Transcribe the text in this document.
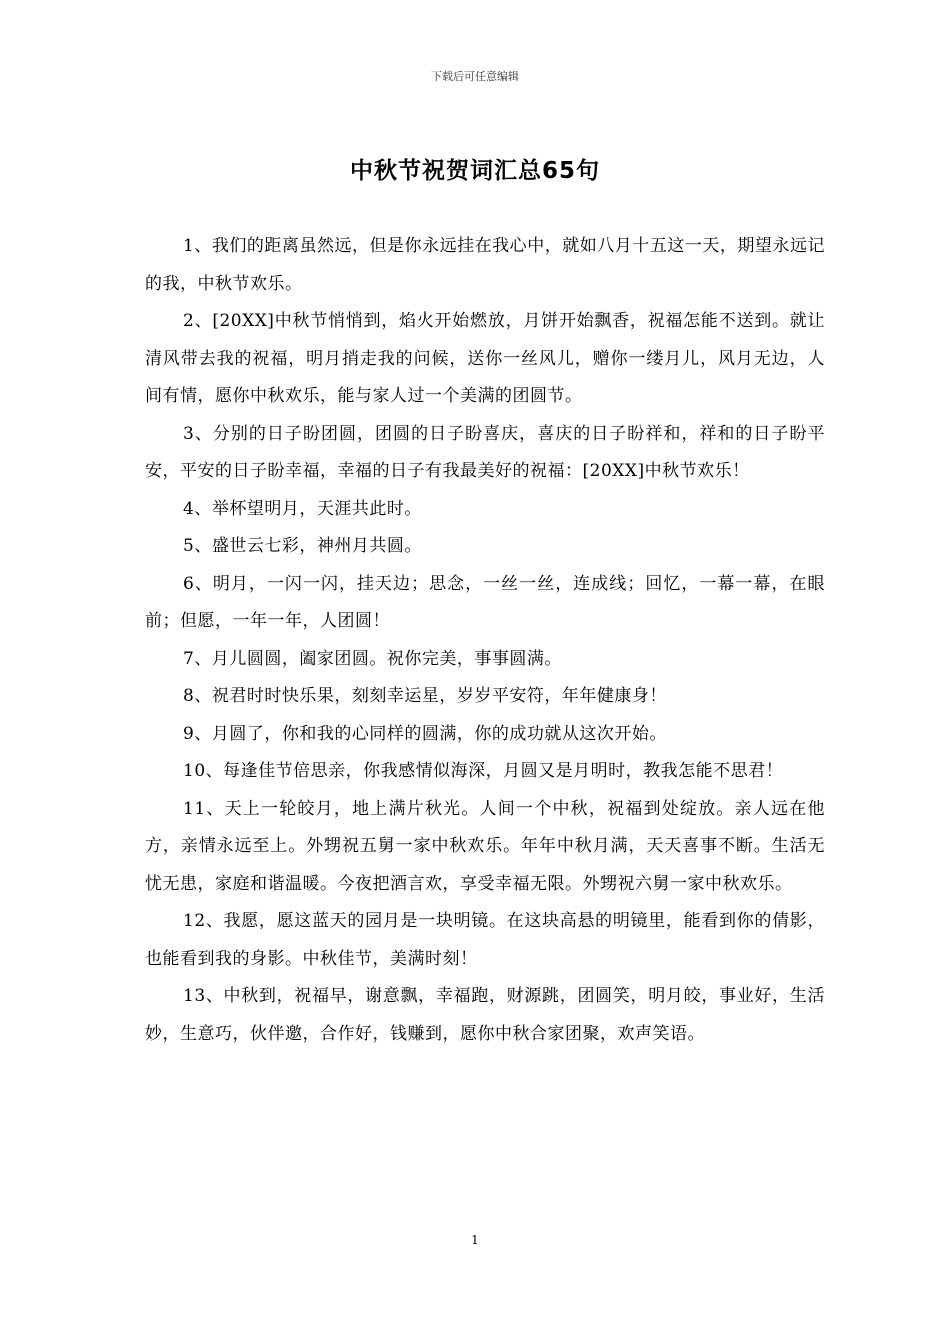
下载后可任意编辑
中秋节祝贺词汇总65句

1、我们的距离虽然远，但是你永远挂在我心中，就如八月十五这一天，期望永远记的我，中秋节欢乐。

2、[20XX]中秋节悄悄到，焰火开始燃放，月饼开始飘香，祝福怎能不送到。就让清风带去我的祝福，明月捎走我的问候，送你一丝风儿，赠你一缕月儿，风月无边，人间有情，愿你中秋欢乐，能与家人过一个美满的团圆节。

3、分别的日子盼团圆，团圆的日子盼喜庆，喜庆的日子盼祥和，祥和的日子盼平安，平安的日子盼幸福，幸福的日子有我最美好的祝福：[20XX]中秋节欢乐！

4、举杯望明月，天涯共此时。

5、盛世云七彩，神州月共圆。

6、明月，一闪一闪，挂天边；思念，一丝一丝，连成线；回忆，一幕一幕，在眼前；但愿，一年一年，人团圆！

7、月儿圆圆，阖家团圆。祝你完美，事事圆满。

8、祝君时时快乐果，刻刻幸运星，岁岁平安符，年年健康身！

9、月圆了，你和我的心同样的圆满，你的成功就从这次开始。

10、每逢佳节倍思亲，你我感情似海深，月圆又是月明时，教我怎能不思君！

11、天上一轮皎月，地上满片秋光。人间一个中秋，祝福到处绽放。亲人远在他方，亲情永远至上。外甥祝五舅一家中秋欢乐。年年中秋月满，天天喜事不断。生活无忧无患，家庭和谐温暖。今夜把酒言欢，享受幸福无限。外甥祝六舅一家中秋欢乐。

12、我愿，愿这蓝天的园月是一块明镜。在这块高悬的明镜里，能看到你的倩影，也能看到我的身影。中秋佳节，美满时刻！

13、中秋到，祝福早，谢意飘，幸福跑，财源跳，团圆笑，明月皎，事业好，生活妙，生意巧，伙伴邀，合作好，钱赚到，愿你中秋合家团聚，欢声笑语。

1
